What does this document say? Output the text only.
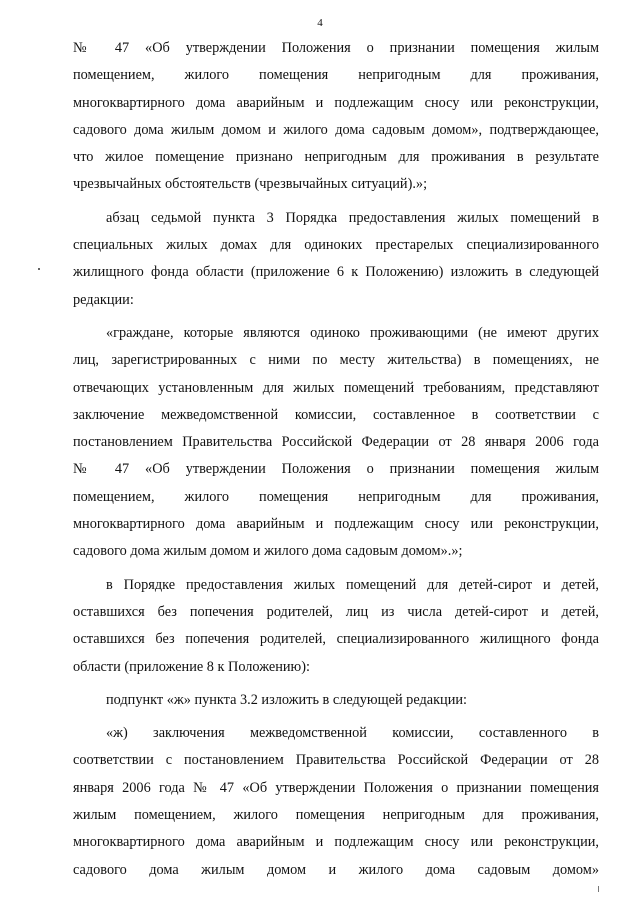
4

№ 47 «Об утверждении Положения о признании помещения жилым

помещением, жилого помещения непригодным для проживания,

многоквартирного дома аварийным и подлежащим сносу или реконструкции,

садового дома жилым домом и жилого дома садовым домом», подтверждающее,

что жилое помещение признано непригодным для проживания в результате

чрезвычайных обстоятельств (чрезвычайных ситуаций).»;

абзац седьмой пункта 3 Порядка предоставления жилых помещений в

специальных жилых домах для одиноких престарелых специализированного

жилищного фонда области (приложение 6 к Положению) изложить в следующей

редакции:

«граждане, которые являются одиноко проживающими (не имеют других

лиц, зарегистрированных с ними по месту жительства) в помещениях, не

отвечающих установленным для жилых помещений требованиям, представляют

заключение межведомственной комиссии, составленное в соответствии с

постановлением Правительства Российской Федерации от 28 января 2006 года

№ 47 «Об утверждении Положения о признании помещения жилым

помещением, жилого помещения непригодным для проживания,

многоквартирного дома аварийным и подлежащим сносу или реконструкции,

садового дома жилым домом и жилого дома садовым домом».»;

в Порядке предоставления жилых помещений для детей-сирот и детей,

оставшихся без попечения родителей, лиц из числа детей-сирот и детей,

оставшихся без попечения родителей, специализированного жилищного фонда

области (приложение 8 к Положению):

подпункт «ж» пункта 3.2 изложить в следующей редакции:

«ж) заключения межведомственной комиссии, составленного в

соответствии с постановлением Правительства Российской Федерации от 28

января 2006 года № 47 «Об утверждении Положения о признании помещения

жилым помещением, жилого помещения непригодным для проживания,

многоквартирного дома аварийным и подлежащим сносу или реконструкции,

садового дома жилым домом и жилого дома садовым домом»
